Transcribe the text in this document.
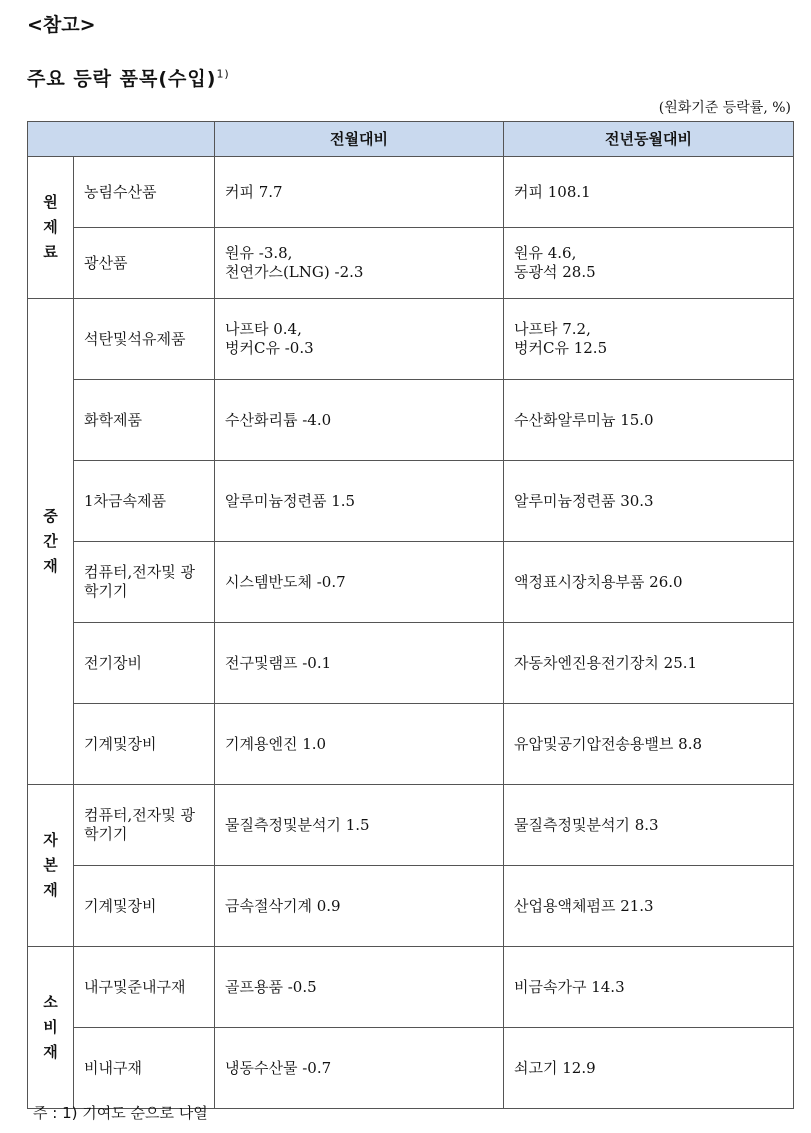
<참고>
주요 등락 품목(수입)$^{1)}$
(원화기준 등락률, %)
		전월대비	전년동월대비
원제료	농림수산품	커피 7.7	커피 108.1

	광산품	원유 -3.8,
천연가스(LNG) -2.3	원유 4.6,
동광석 28.5

중간재	석탄및석유제품	나프타 0.4,
벙커C유 -0.3	나프타 7.2,
벙커C유 12.5

	화학제품	수산화리튬 -4.0	수산화알루미늄 15.0

	1차금속제품	알루미늄정련품 1.5	알루미늄정련품 30.3

	컴퓨터,전자및 광학기기	시스템반도체 -0.7	액정표시장치용부품 26.0

	전기장비	전구및램프 -0.1	자동차엔진용전기장치 25.1

	기계및장비	기계용엔진 1.0	유압및공기압전송용밸브 8.8

자본재	컴퓨터,전자및 광학기기	물질측정및분석기 1.5	물질측정및분석기 8.3

	기계및장비	금속절삭기계 0.9	산업용액체펌프 21.3

소비재	내구및준내구재	골프용품 -0.5	비금속가구 14.3

	비내구재	냉동수산물 -0.7	쇠고기 12.9
주 : 1) 기여도 순으로 나열
